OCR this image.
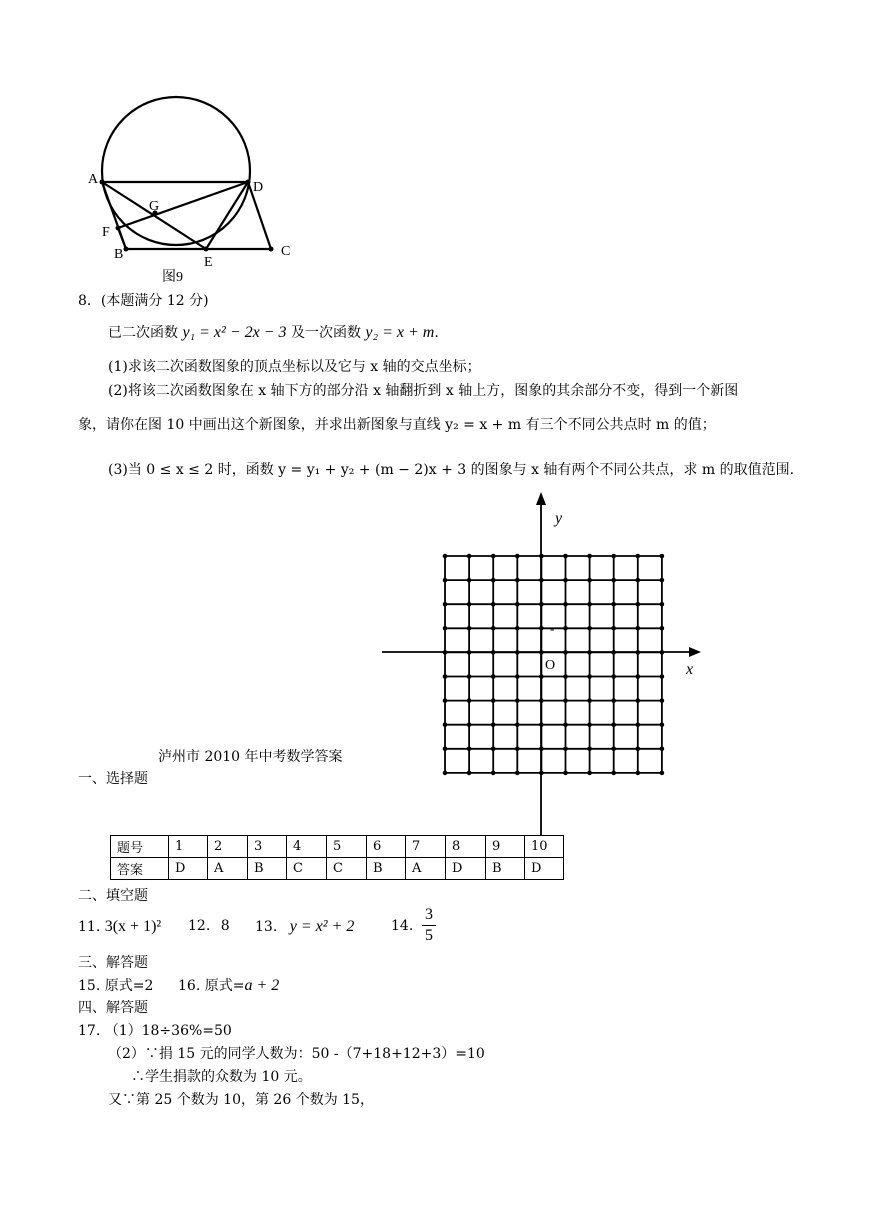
A
D
G
F
B
E
C
图9
8．(本题满分 12 分)
已二次函数 y₁ = x² − 2x − 3 及一次函数 y₂ = x + m.
(1)求该二次函数图象的顶点坐标以及它与 x 轴的交点坐标；
(2)将该二次函数图象在 x 轴下方的部分沿 x 轴翻折到 x 轴上方，图象的其余部分不变，得到一个新图
象，请你在图 10 中画出这个新图象，并求出新图象与直线 y₂ = x + m 有三个不同公共点时 m 的值；
(3)当 0 ≤ x ≤ 2 时，函数 y = y₁ + y₂ + (m − 2)x + 3 的图象与 x 轴有两个不同公共点，求 m 的取值范围.
y
x
O
-
泸州市 2010 年中考数学答案
一、选择题
题号	1	2	3	4	5	6	7	8	9	10
答案	D	A	B	C	C	B	A	D	B	D
二、填空题
11. 3(x + 1)² 12. 8 13. y = x² + 2	14. $\frac{3}{5}$
三、解答题
15. 原式=2 16. 原式=a + 2
四、解答题
17. （1）18÷36%=50
（2）∵捐 15 元的同学人数为：50 -（7+18+12+3）=10
∴学生捐款的众数为 10 元。
又∵第 25 个数为 10，第 26 个数为 15，
